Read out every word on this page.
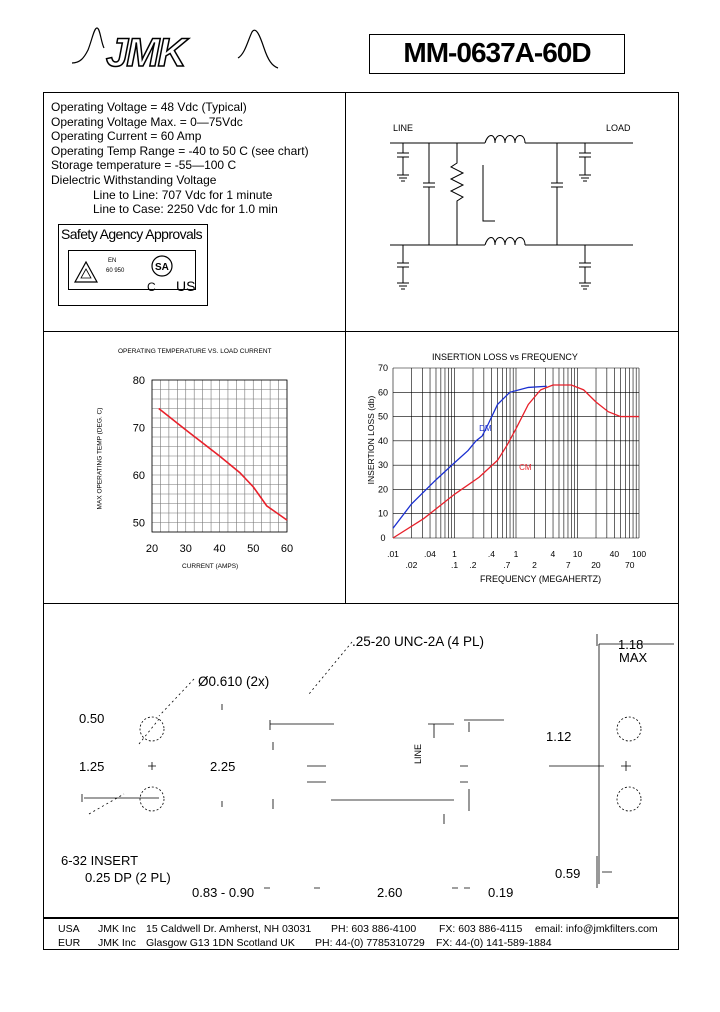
JMK	MM-0637A-60D
Operating Voltage = 48 Vdc (Typical)
Operating Voltage Max. = 0—75Vdc
Operating Current = 60 Amp
Operating Temp Range = -40 to 50 C (see chart)
Storage temperature = -55—100 C
Dielectric Withstanding Voltage
Line to Line: 707 Vdc for 1 minute
Line to Case: 2250 Vdc for 1.0 min
Safety Agency Approvals
EN
60 950	SA
C US
LINE	LOAD
OPERATING TEMPERATURE VS. LOAD CURRENT
CURRENT (AMPS)
MAX OPERATING TEMP (DEG. C)
20 30 40 50 60
80
70
60
50
INSERTION LOSS vs FREQUENCY
FREQUENCY (MEGAHERTZ)
INSERTION LOSS (db)
70
60
50
40
30
20
10
0
.01	.04 1	.4 1	4 10	40 100
.02	.1 .2	.7	2	7 20	70
DM
CM
.25-20 UNC-2A (4 PL)
Ø0.610 (2x)
0.50
1.25	2.25
6-32 INSERT
0.25 DP (2 PL)
1.18
MAX
1.12
0.59
0.83 - 0.90	2.60	0.19
LINE
USA JMK Inc 15 Caldwell Dr. Amherst, NH 03031 PH: 603 886-4100 FX: 603 886-4115 email: info@jmkfilters.com
EUR JMK Inc Glasgow G13 1DN Scotland UK PH: 44-(0) 7785310729 FX: 44-(0) 141-589-1884
